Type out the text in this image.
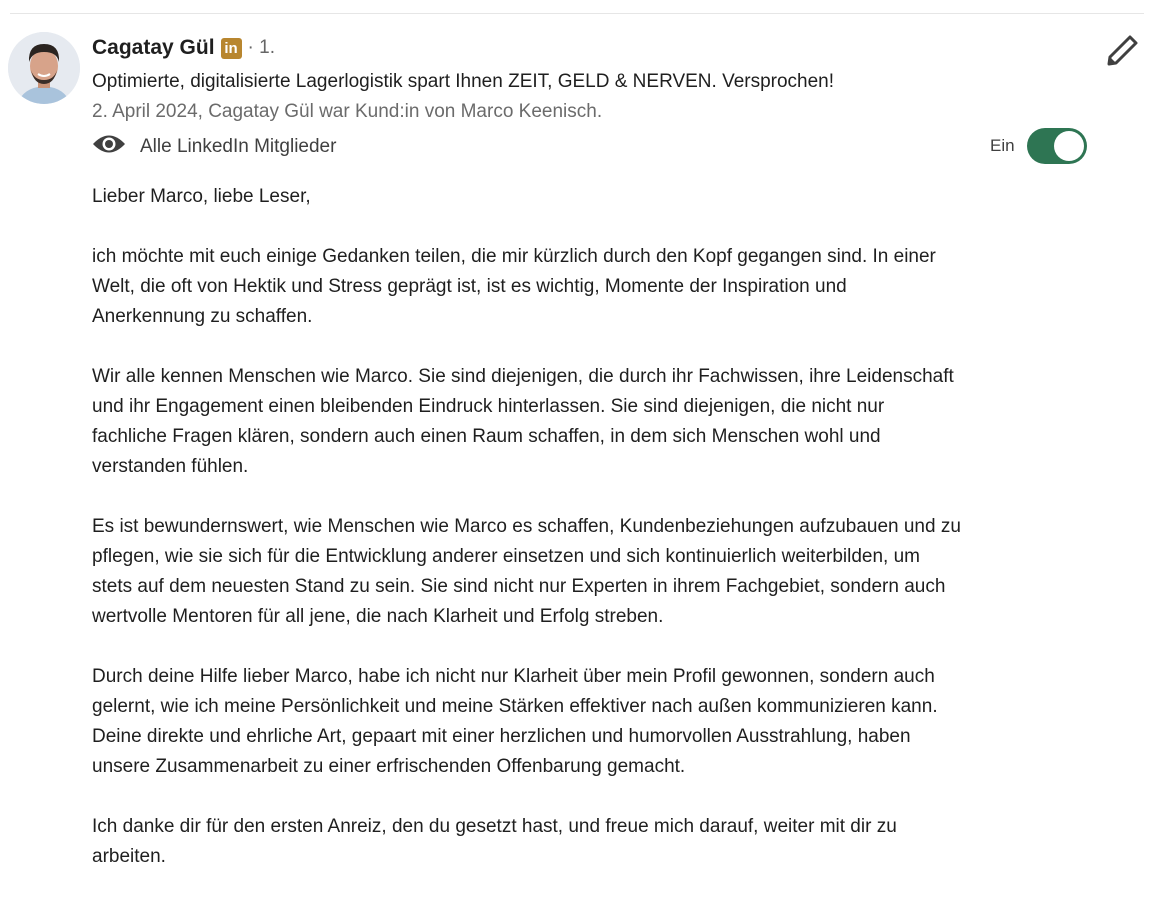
Cagatay Gül in · 1.
Optimierte, digitalisierte Lagerlogistik spart Ihnen ZEIT, GELD & NERVEN. Versprochen!
2. April 2024, Cagatay Gül war Kund:in von Marco Keenisch.
Alle LinkedIn Mitglieder	Ein
Lieber Marco, liebe Leser,
ich möchte mit euch einige Gedanken teilen, die mir kürzlich durch den Kopf gegangen sind. In einer
Welt, die oft von Hektik und Stress geprägt ist, ist es wichtig, Momente der Inspiration und
Anerkennung zu schaffen.
Wir alle kennen Menschen wie Marco. Sie sind diejenigen, die durch ihr Fachwissen, ihre Leidenschaft
und ihr Engagement einen bleibenden Eindruck hinterlassen. Sie sind diejenigen, die nicht nur
fachliche Fragen klären, sondern auch einen Raum schaffen, in dem sich Menschen wohl und
verstanden fühlen.
Es ist bewundernswert, wie Menschen wie Marco es schaffen, Kundenbeziehungen aufzubauen und zu
pflegen, wie sie sich für die Entwicklung anderer einsetzen und sich kontinuierlich weiterbilden, um
stets auf dem neuesten Stand zu sein. Sie sind nicht nur Experten in ihrem Fachgebiet, sondern auch
wertvolle Mentoren für all jene, die nach Klarheit und Erfolg streben.
Durch deine Hilfe lieber Marco, habe ich nicht nur Klarheit über mein Profil gewonnen, sondern auch
gelernt, wie ich meine Persönlichkeit und meine Stärken effektiver nach außen kommunizieren kann.
Deine direkte und ehrliche Art, gepaart mit einer herzlichen und humorvollen Ausstrahlung, haben
unsere Zusammenarbeit zu einer erfrischenden Offenbarung gemacht.
Ich danke dir für den ersten Anreiz, den du gesetzt hast, und freue mich darauf, weiter mit dir zu
arbeiten.
